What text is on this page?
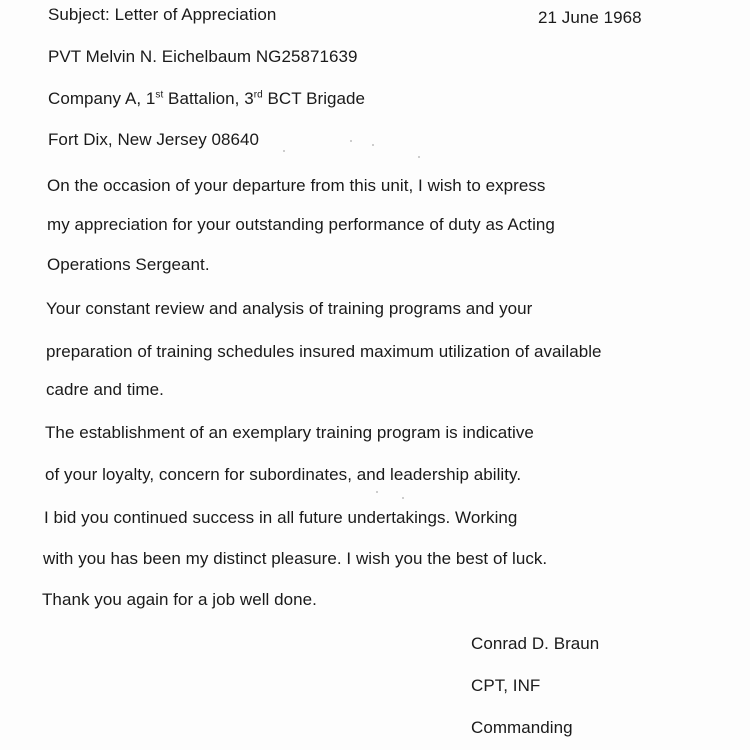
Subject: Letter of Appreciation	21 June 1968
PVT Melvin N. Eichelbaum NG25871639
Company A, 1st Battalion, 3rd BCT Brigade
Fort Dix, New Jersey 08640
On the occasion of your departure from this unit, I wish to express
my appreciation for your outstanding performance of duty as Acting
Operations Sergeant.
Your constant review and analysis of training programs and your
preparation of training schedules insured maximum utilization of available
cadre and time.
The establishment of an exemplary training program is indicative
of your loyalty, concern for subordinates, and leadership ability.
I bid you continued success in all future undertakings. Working
with you has been my distinct pleasure. I wish you the best of luck.
Thank you again for a job well done.
Conrad D. Braun
CPT, INF
Commanding
